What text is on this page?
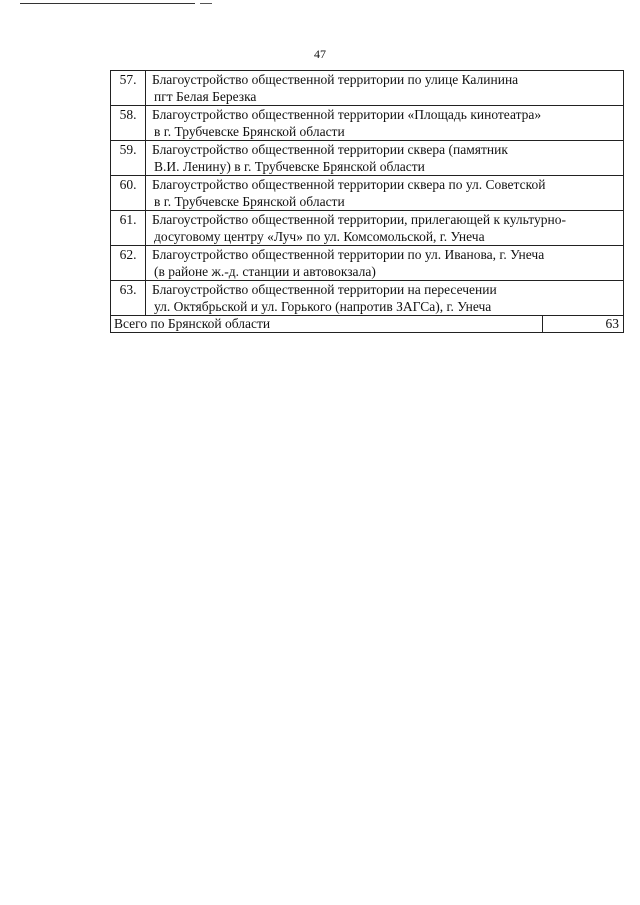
47
57.	Благоустройство общественной территории по улице Калинина
пгт Белая Березка

58.	Благоустройство общественной территории «Площадь кинотеатра»
в г. Трубчевске Брянской области

59.	Благоустройство общественной территории сквера (памятник
В.И. Ленину) в г. Трубчевске Брянской области

60.	Благоустройство общественной территории сквера по ул. Советской
в г. Трубчевске Брянской области

61.	Благоустройство общественной территории, прилегающей к культурно-
досуговому центру «Луч» по ул. Комсомольской, г. Унеча

62.	Благоустройство общественной территории по ул. Иванова, г. Унеча
(в районе ж.-д. станции и автовокзала)

63.	Благоустройство общественной территории на пересечении
ул. Октябрьской и ул. Горького (напротив ЗАГСа), г. Унеча
Всего по Брянской области	63
